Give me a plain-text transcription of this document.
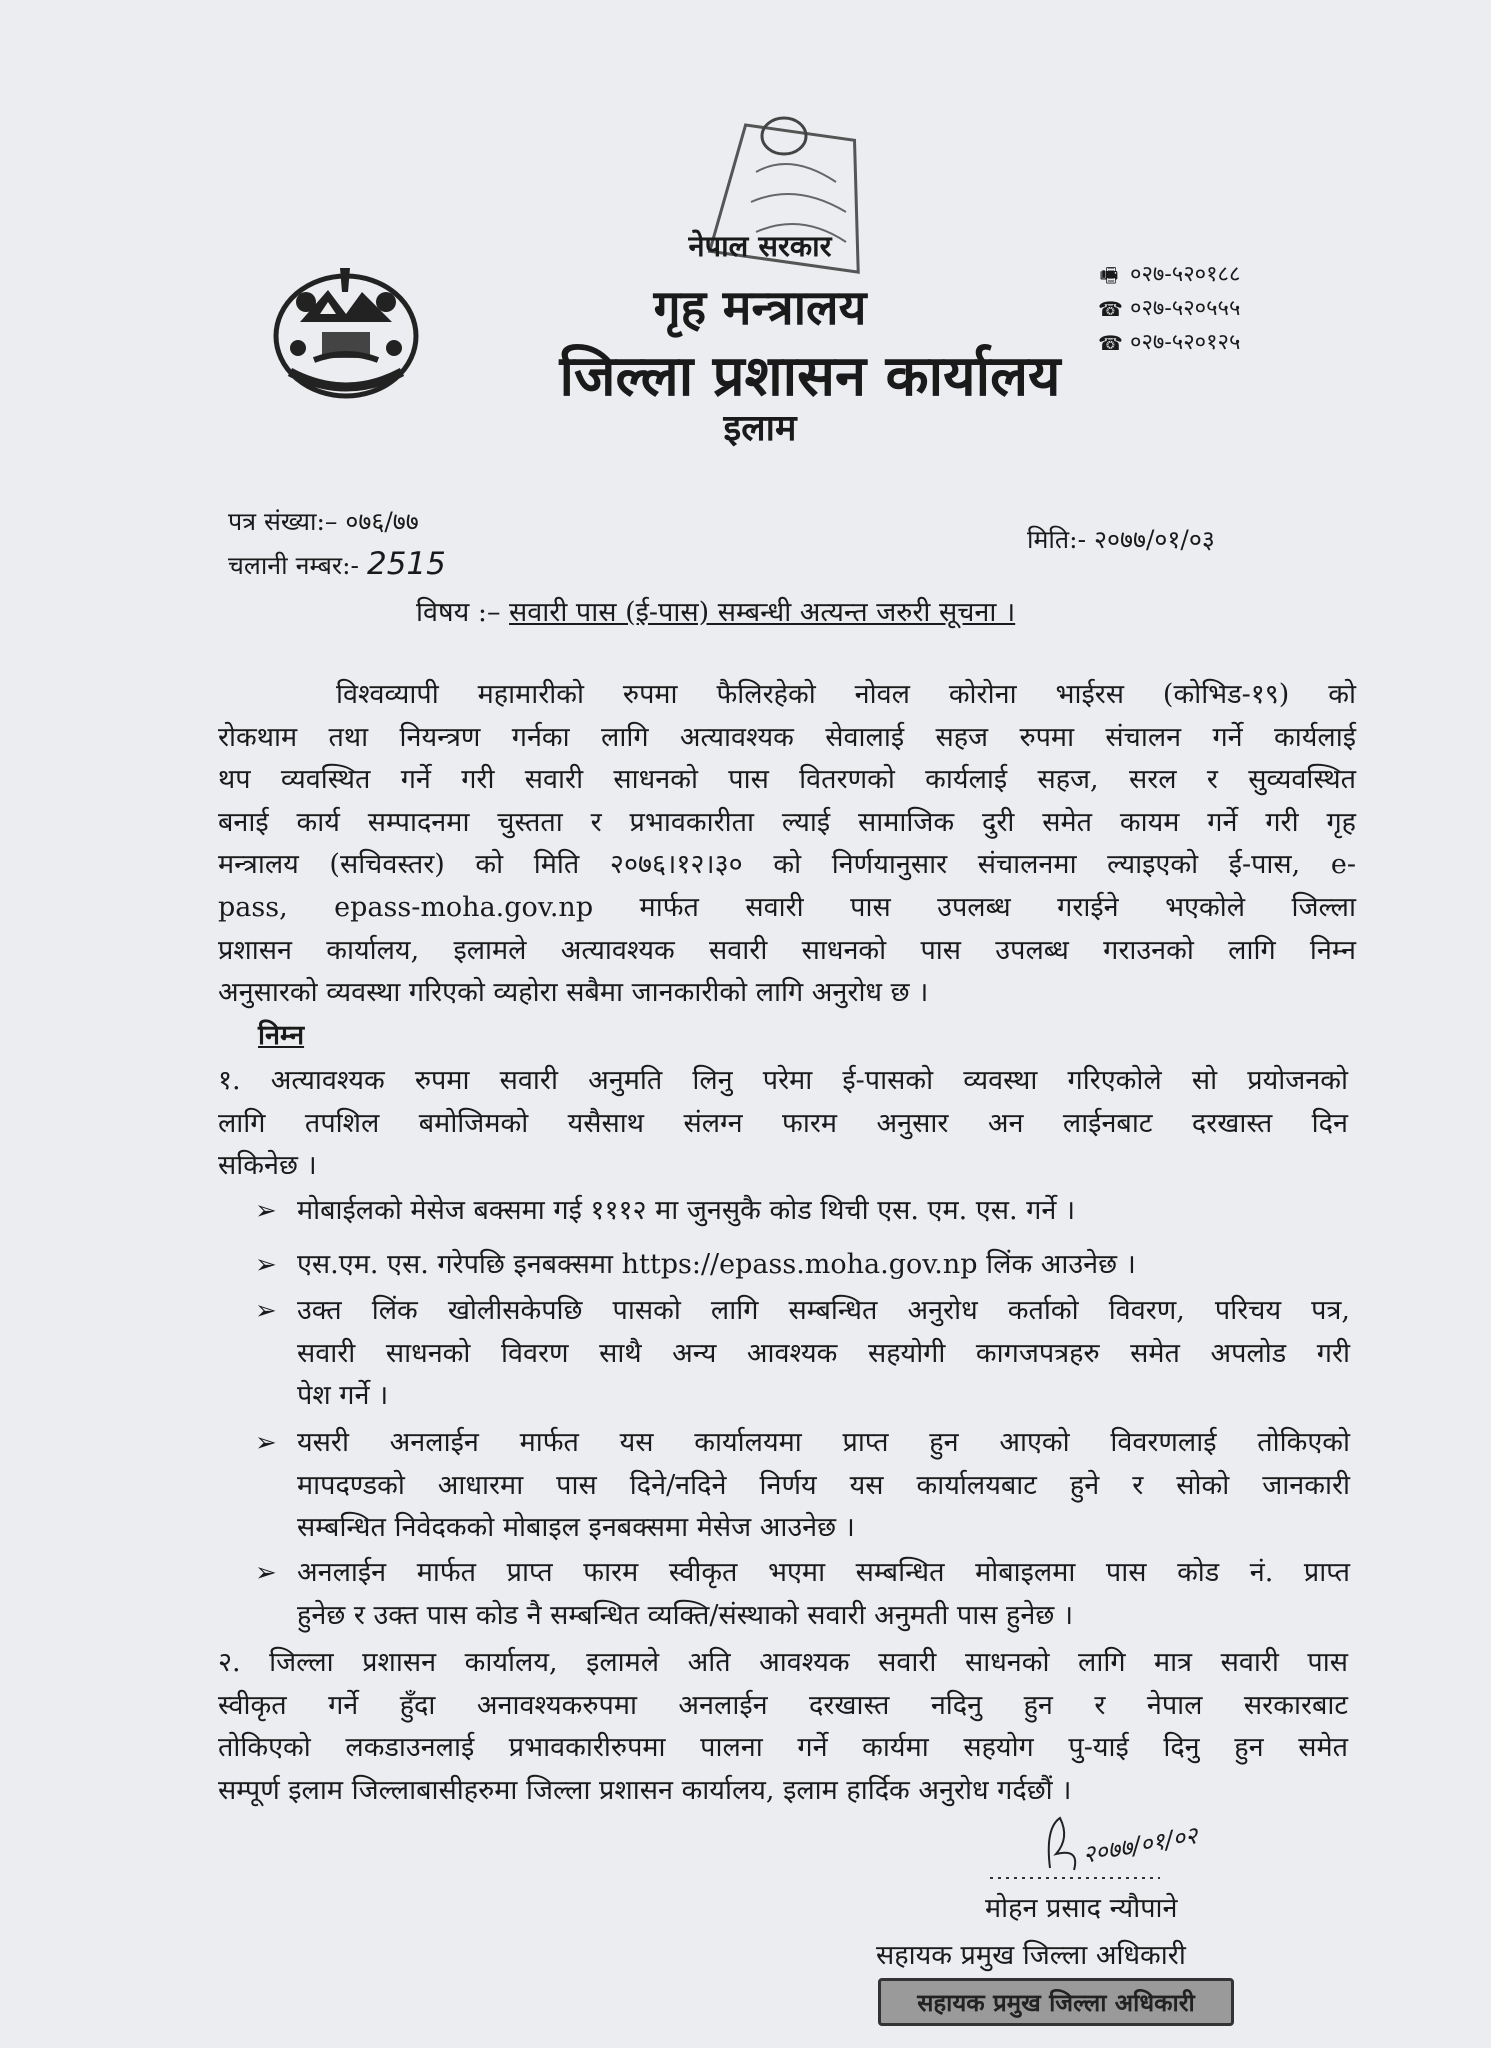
नेपाल सरकार
गृह मन्त्रालय
जिल्ला प्रशासन कार्यालय
इलाम
🖷 ०२७-५२०१८८
☎ ०२७-५२०५५५
☎ ०२७-५२०१२५
पत्र संख्या:– ०७६/७७
चलानी नम्बर:- 2515
मिति:- २०७७/०१/०३
विषय :– सवारी पास (ई-पास) सम्बन्धी अत्यन्त जरुरी सूचना ।
विश्वव्यापी महामारीको रुपमा फैलिरहेको नोवल कोरोना भाईरस (कोभिड-१९) को
रोकथाम तथा नियन्त्रण गर्नका लागि अत्यावश्यक सेवालाई सहज रुपमा संचालन गर्ने कार्यलाई
थप व्यवस्थित गर्ने गरी सवारी साधनको पास वितरणको कार्यलाई सहज, सरल र सुव्यवस्थित
बनाई कार्य सम्पादनमा चुस्तता र प्रभावकारीता ल्याई सामाजिक दुरी समेत कायम गर्ने गरी गृह
मन्त्रालय (सचिवस्तर) को मिति २०७६।१२।३० को निर्णयानुसार संचालनमा ल्याइएको ई-पास, e-
pass, epass-moha.gov.np मार्फत सवारी पास उपलब्ध गराईने भएकोले जिल्ला
प्रशासन कार्यालय, इलामले अत्यावश्यक सवारी साधनको पास उपलब्ध गराउनको लागि निम्न
अनुसारको व्यवस्था गरिएको व्यहोरा सबैमा जानकारीको लागि अनुरोध छ ।
निम्न
१. अत्यावश्यक रुपमा सवारी अनुमति लिनु परेमा ई-पासको व्यवस्था गरिएकोले सो प्रयोजनको
लागि तपशिल बमोजिमको यसैसाथ संलग्न फारम अनुसार अन लाईनबाट दरखास्त दिन
सकिनेछ ।
➢ मोबाईलको मेसेज बक्समा गई १११२ मा जुनसुकै कोड थिची एस. एम. एस. गर्ने ।
➢ एस.एम. एस. गरेपछि इनबक्समा https://epass.moha.gov.np लिंक आउनेछ ।
➢ उक्त लिंक खोलीसकेपछि पासको लागि सम्बन्धित अनुरोध कर्ताको विवरण, परिचय पत्र,
सवारी साधनको विवरण साथै अन्य आवश्यक सहयोगी कागजपत्रहरु समेत अपलोड गरी
पेश गर्ने ।
➢ यसरी अनलाईन मार्फत यस कार्यालयमा प्राप्त हुन आएको विवरणलाई तोकिएको
मापदण्डको आधारमा पास दिने/नदिने निर्णय यस कार्यालयबाट हुने र सोको जानकारी
सम्बन्धित निवेदकको मोबाइल इनबक्समा मेसेज आउनेछ ।
➢ अनलाईन मार्फत प्राप्त फारम स्वीकृत भएमा सम्बन्धित मोबाइलमा पास कोड नं. प्राप्त
हुनेछ र उक्त पास कोड नै सम्बन्धित व्यक्ति/संस्थाको सवारी अनुमती पास हुनेछ ।
२. जिल्ला प्रशासन कार्यालय, इलामले अति आवश्यक सवारी साधनको लागि मात्र सवारी पास
स्वीकृत गर्ने हुँदा अनावश्यकरुपमा अनलाईन दरखास्त नदिनु हुन र नेपाल सरकारबाट
तोकिएको लकडाउनलाई प्रभावकारीरुपमा पालना गर्ने कार्यमा सहयोग पु-याई दिनु हुन समेत
सम्पूर्ण इलाम जिल्लाबासीहरुमा जिल्ला प्रशासन कार्यालय, इलाम हार्दिक अनुरोध गर्दछौं ।
२०७७/०१/०२
मोहन प्रसाद न्यौपाने
सहायक प्रमुख जिल्ला अधिकारी
सहायक प्रमुख जिल्ला अधिकारी
